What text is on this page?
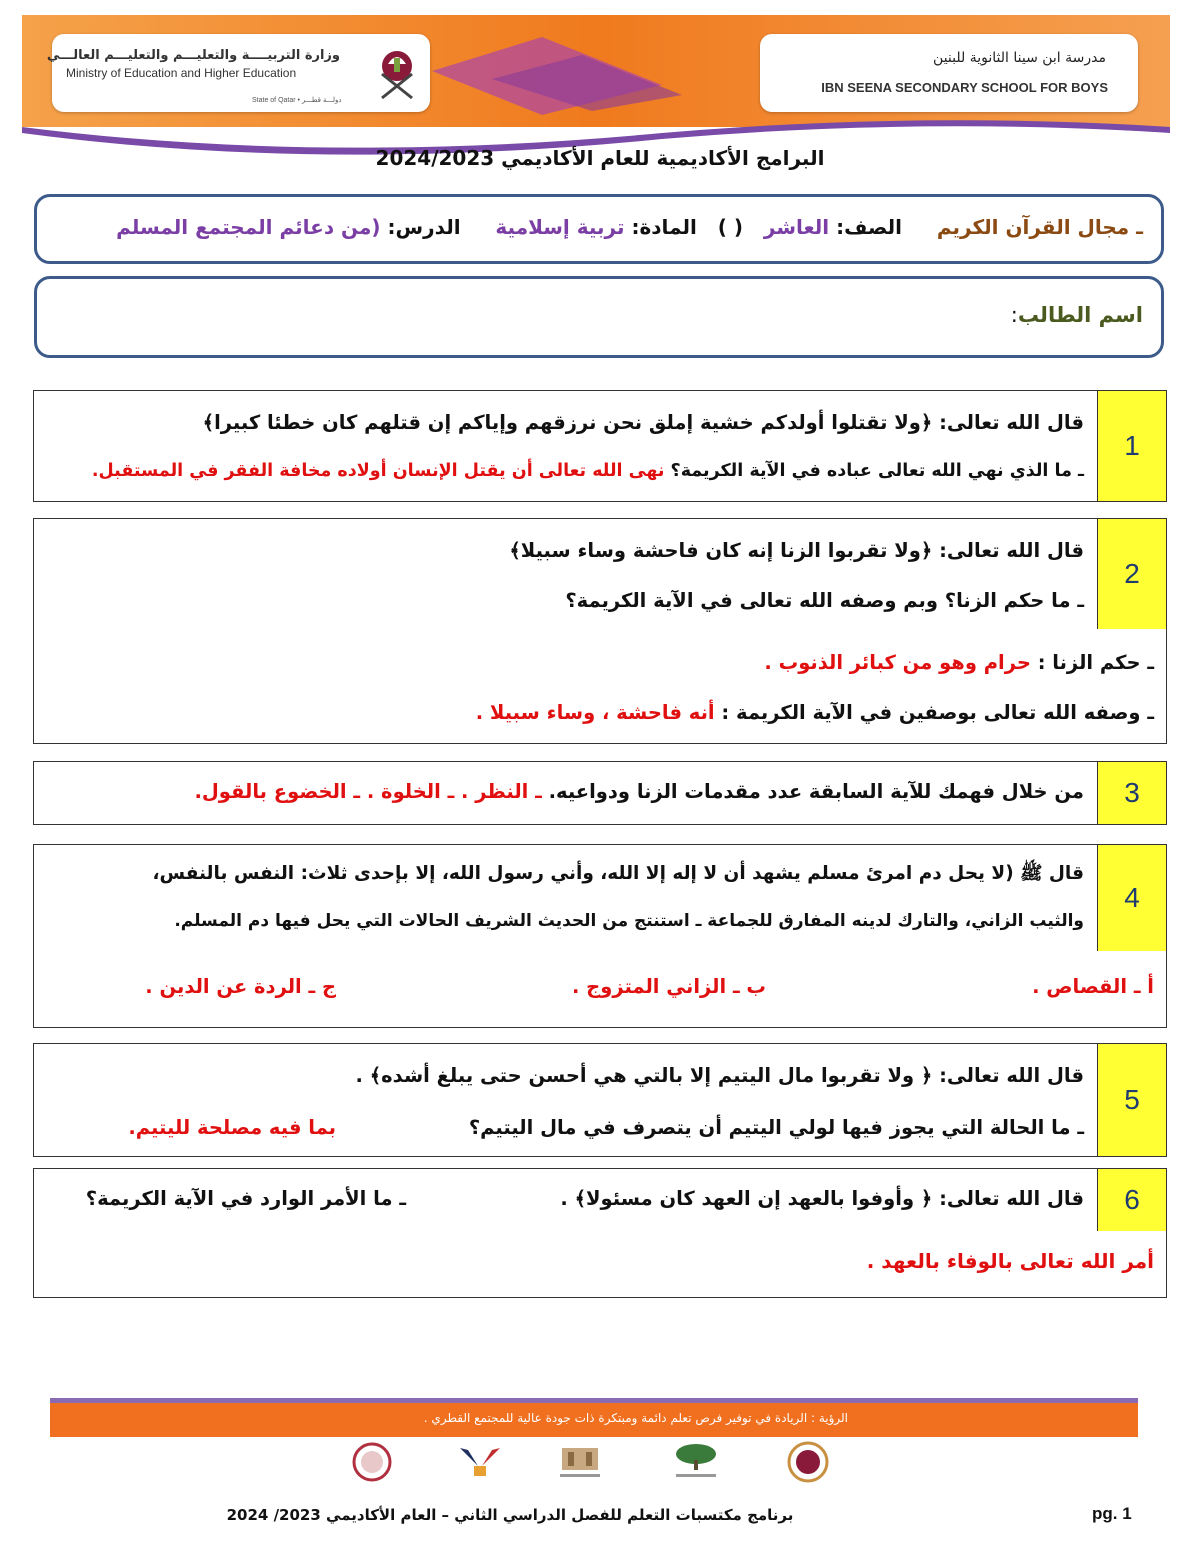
وزارة التربيــــة والتعليـــم والتعليـــم العالـــي
Ministry of Education and Higher Education
State of Qatar • دولـــة قطـــر
مدرسة ابن سينا الثانوية للبنين
IBN SEENA SECONDARY SCHOOL FOR BOYS
البرامج الأكاديمية للعام الأكاديمي 2024/2023
ـ مجال القرآن الكريم     الصف: العاشر   ( )   المادة: تربية إسلامية     الدرس: (من دعائم المجتمع المسلم
اسم الطالب:
1
قال الله تعالى: ﴿ولا تقتلوا أولدكم خشية إملق نحن نرزقهم وإياكم إن قتلهم كان خطئا كبيرا﴾
ـ ما الذي نهي الله تعالى عباده في الآية الكريمة؟ نهى الله تعالى أن يقتل الإنسان أولاده مخافة الفقر في المستقبل.
2
قال الله تعالى: ﴿ولا تقربوا الزنا إنه كان فاحشة وساء سبيلا﴾
ـ ما حكم الزنا؟ وبم وصفه الله تعالى في الآية الكريمة؟
ـ حكم الزنا : حرام وهو من كبائر الذنوب .
ـ وصفه الله تعالى بوصفين في الآية الكريمة : أنه فاحشة ، وساء سبيلا .
3
من خلال فهمك للآية السابقة عدد مقدمات الزنا ودواعيه. ـ النظر . ـ الخلوة . ـ الخضوع بالقول.
4
قال ﷺ (لا يحل دم امرئ مسلم يشهد أن لا إله إلا الله، وأني رسول الله، إلا بإحدى ثلاث: النفس بالنفس،
والثيب الزاني، والتارك لدينه المفارق للجماعة ـ استنتج من الحديث الشريف الحالات التي يحل فيها دم المسلم.
أ ـ القصاص .
ب ـ الزاني المتزوج .
ج ـ الردة عن الدين .
5
قال الله تعالى: ﴿ ولا تقربوا مال اليتيم إلا بالتي هي أحسن حتى يبلغ أشده﴾ .
ـ ما الحالة التي يجوز فيها لولي اليتيم أن يتصرف في مال اليتيم؟
بما فيه مصلحة لليتيم.
6
قال الله تعالى: ﴿ وأوفوا بالعهد إن العهد كان مسئولا﴾ .
ـ ما الأمر الوارد في الآية الكريمة؟
أمر الله تعالى بالوفاء بالعهد .
الرؤية : الريادة في توفير فرص تعلم دائمة ومبتكرة ذات جودة عالية للمجتمع القطري .
برنامج مكتسبات التعلم للفصل الدراسي الثاني – العام الأكاديمي 2023/ 2024	pg. 1
